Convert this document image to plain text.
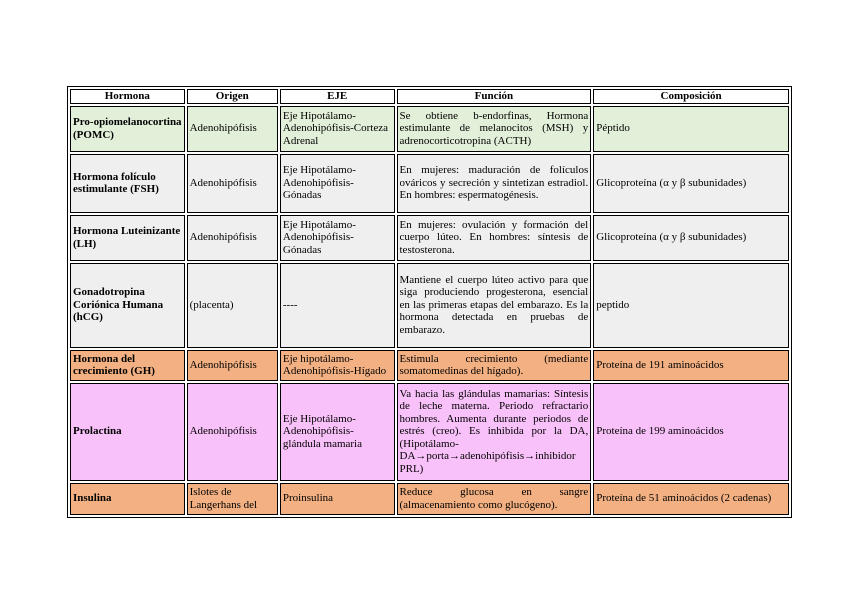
Hormona	Origen	EJE	Función	Composición
Pro-opiomelanocortina (POMC)	Adenohipófisis	Eje Hipotálamo-Adenohipófisis-Corteza Adrenal	Se obtiene b-endorfinas, Hormona estimulante de melanocitos (MSH) y adrenocorticotropina (ACTH)	Péptido
Hormona folículo estimulante (FSH)	Adenohipófisis	Eje Hipotálamo-Adenohipófisis-Gónadas	En mujeres: maduración de folículos ováricos y secreción y sintetizan estradiol. En hombres: espermatogénesis.	Glicoproteína (α y β subunidades)
Hormona Luteinizante (LH)	Adenohipófisis	Eje Hipotálamo-Adenohipófisis-Gónadas	En mujeres: ovulación y formación del cuerpo lúteo. En hombres: síntesis de testosterona.	Glicoproteína (α y β subunidades)
Gonadotropina Coriónica Humana (hCG)	(placenta)	----	Mantiene el cuerpo lúteo activo para que siga produciendo progesterona, esencial en las primeras etapas del embarazo. Es la hormona detectada en pruebas de embarazo.	peptido
Hormona del crecimiento (GH)	Adenohipófisis	Eje hipotálamo-Adenohipófisis-Hígado	Estimula crecimiento (mediante somatomedinas del hígado).	Proteína de 191 aminoácidos
Prolactina	Adenohipófisis	Eje Hipotálamo-Adenohipófisis-glándula mamaria	Va hacia las glándulas mamarias: Síntesis de leche materna. Periodo refractario hombres. Aumenta durante periodos de estrés (creo). Es inhibida por la DA,(Hipotálamo-DA→porta→adenohipófisis→inhibidor PRL)	Proteína de 199 aminoácidos
Insulina	Islotes de Langerhans del	Proinsulina	Reduce glucosa en sangre (almacenamiento como glucógeno).	Proteína de 51 aminoácidos (2 cadenas)
